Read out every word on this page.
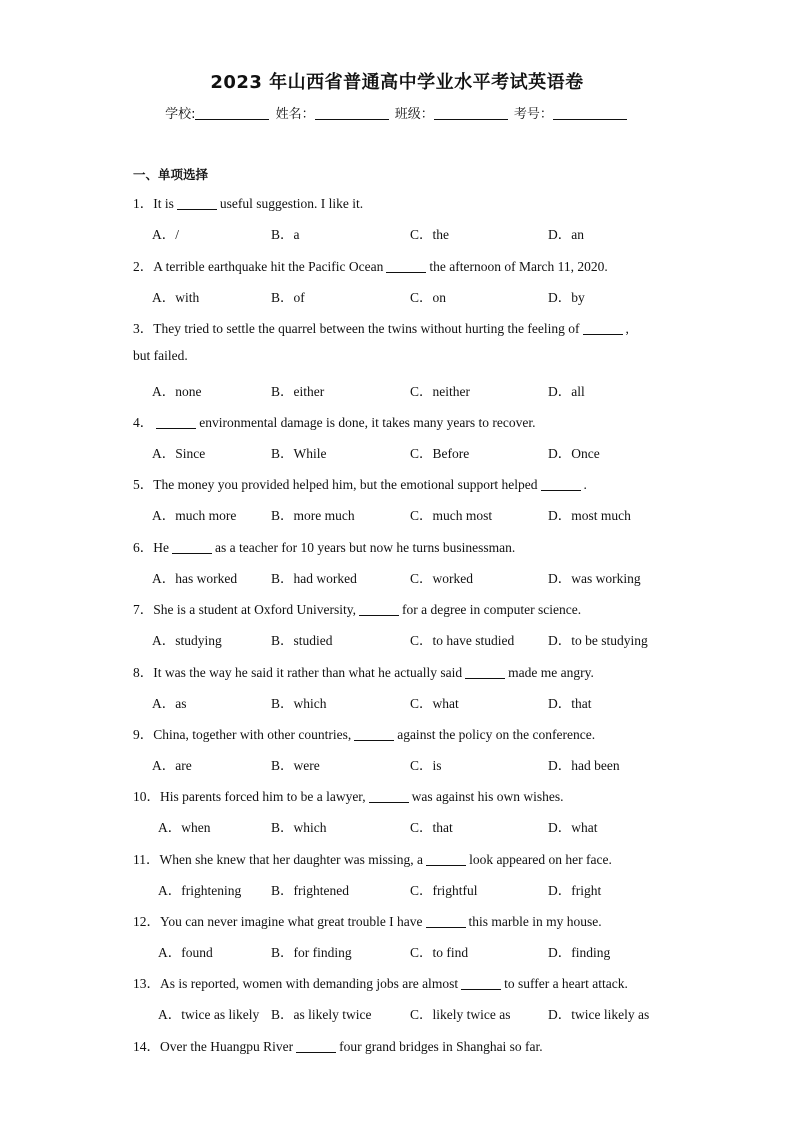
2023 年山西省普通高中学业水平考试英语卷
学校:	姓名：	班级：	考号：
一、单项选择
1．It is	useful suggestion. I like it.
A．/	B．a	C．the	D．an
2．A terrible earthquake hit the Pacific Ocean	the afternoon of March 11, 2020.
A．with	B．of	C．on	D．by
3．They tried to settle the quarrel between the twins without hurting the feeling of	,
but failed.
A．none	B．either	C．neither	D．all
4．	environmental damage is done, it takes many years to recover.
A．Since	B．While	C．Before	D．Once
5．The money you provided helped him, but the emotional support helped	.
A．much more	B．more much	C．much most	D．most much
6．He	as a teacher for 10 years but now he turns businessman.
A．has worked	B．had worked	C．worked	D．was working
7．She is a student at Oxford University,	for a degree in computer science.
A．studying	B．studied	C．to have studied	D．to be studying
8．It was the way he said it rather than what he actually said	made me angry.
A．as	B．which	C．what	D．that
9．China, together with other countries,	against the policy on the conference.
A．are	B．were	C．is	D．had been
10．His parents forced him to be a lawyer,	was against his own wishes.
A．when	B．which	C．that	D．what
11．When she knew that her daughter was missing, a	look appeared on her face.
A．frightening B．frightened	C．frightful	D．fright
12．You can never imagine what great trouble I have	this marble in my house.
A．found	B．for finding	C．to find	D．finding
13．As is reported, women with demanding jobs are almost	to suffer a heart attack.
A．twice as likely B．as likely twice	C．likely twice as	D．twice likely as
14．Over the Huangpu River	four grand bridges in Shanghai so far.
